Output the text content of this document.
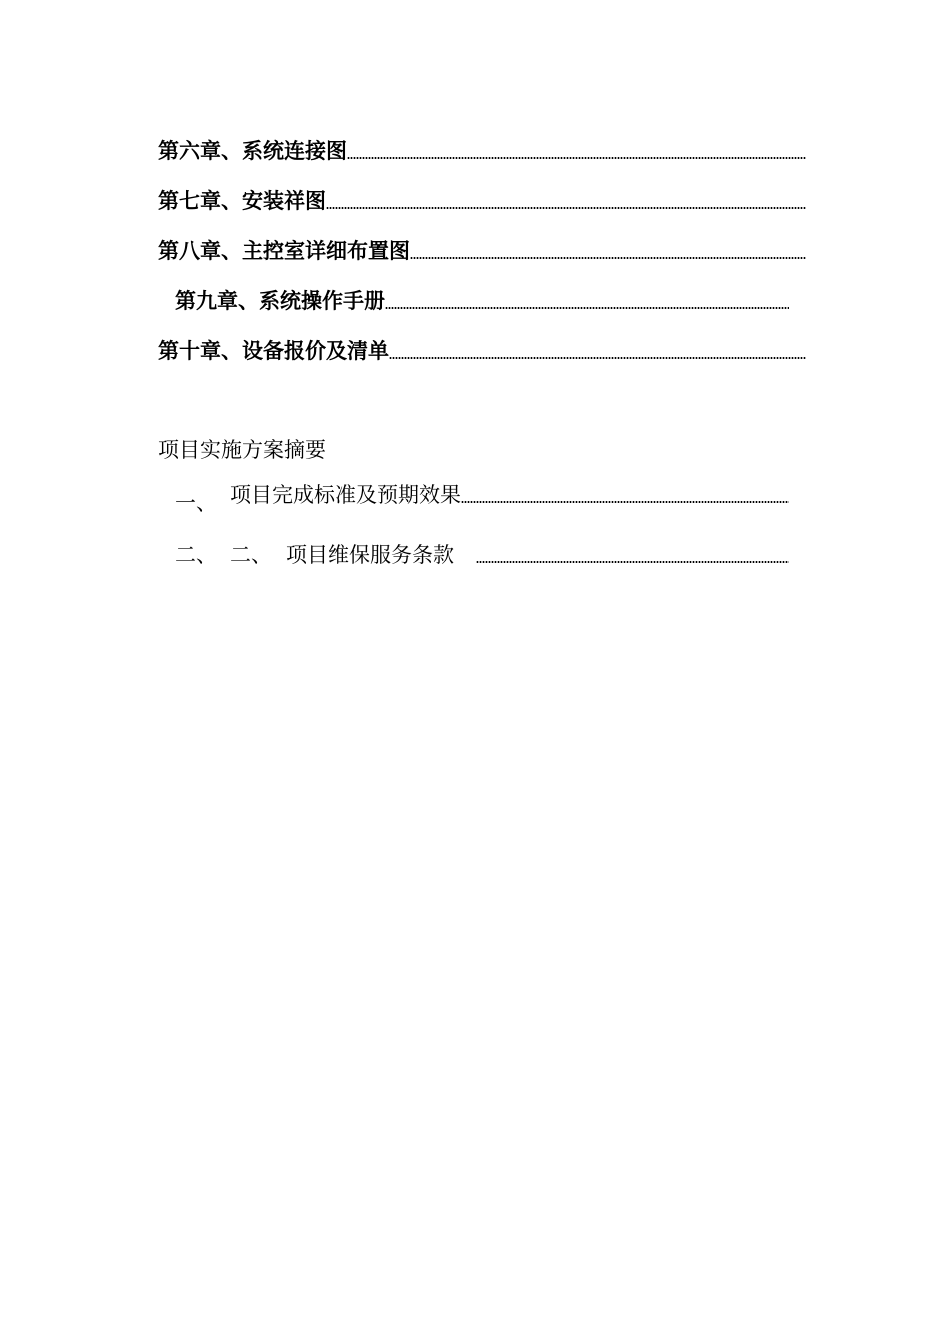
第六章、系统连接图
第七章、安装祥图
第八章、主控室详细布置图
第九章、系统操作手册
第十章、设备报价及清单
项目实施方案摘要
一、 项目完成标准及预期效果
二、 二、 项目维保服务条款
